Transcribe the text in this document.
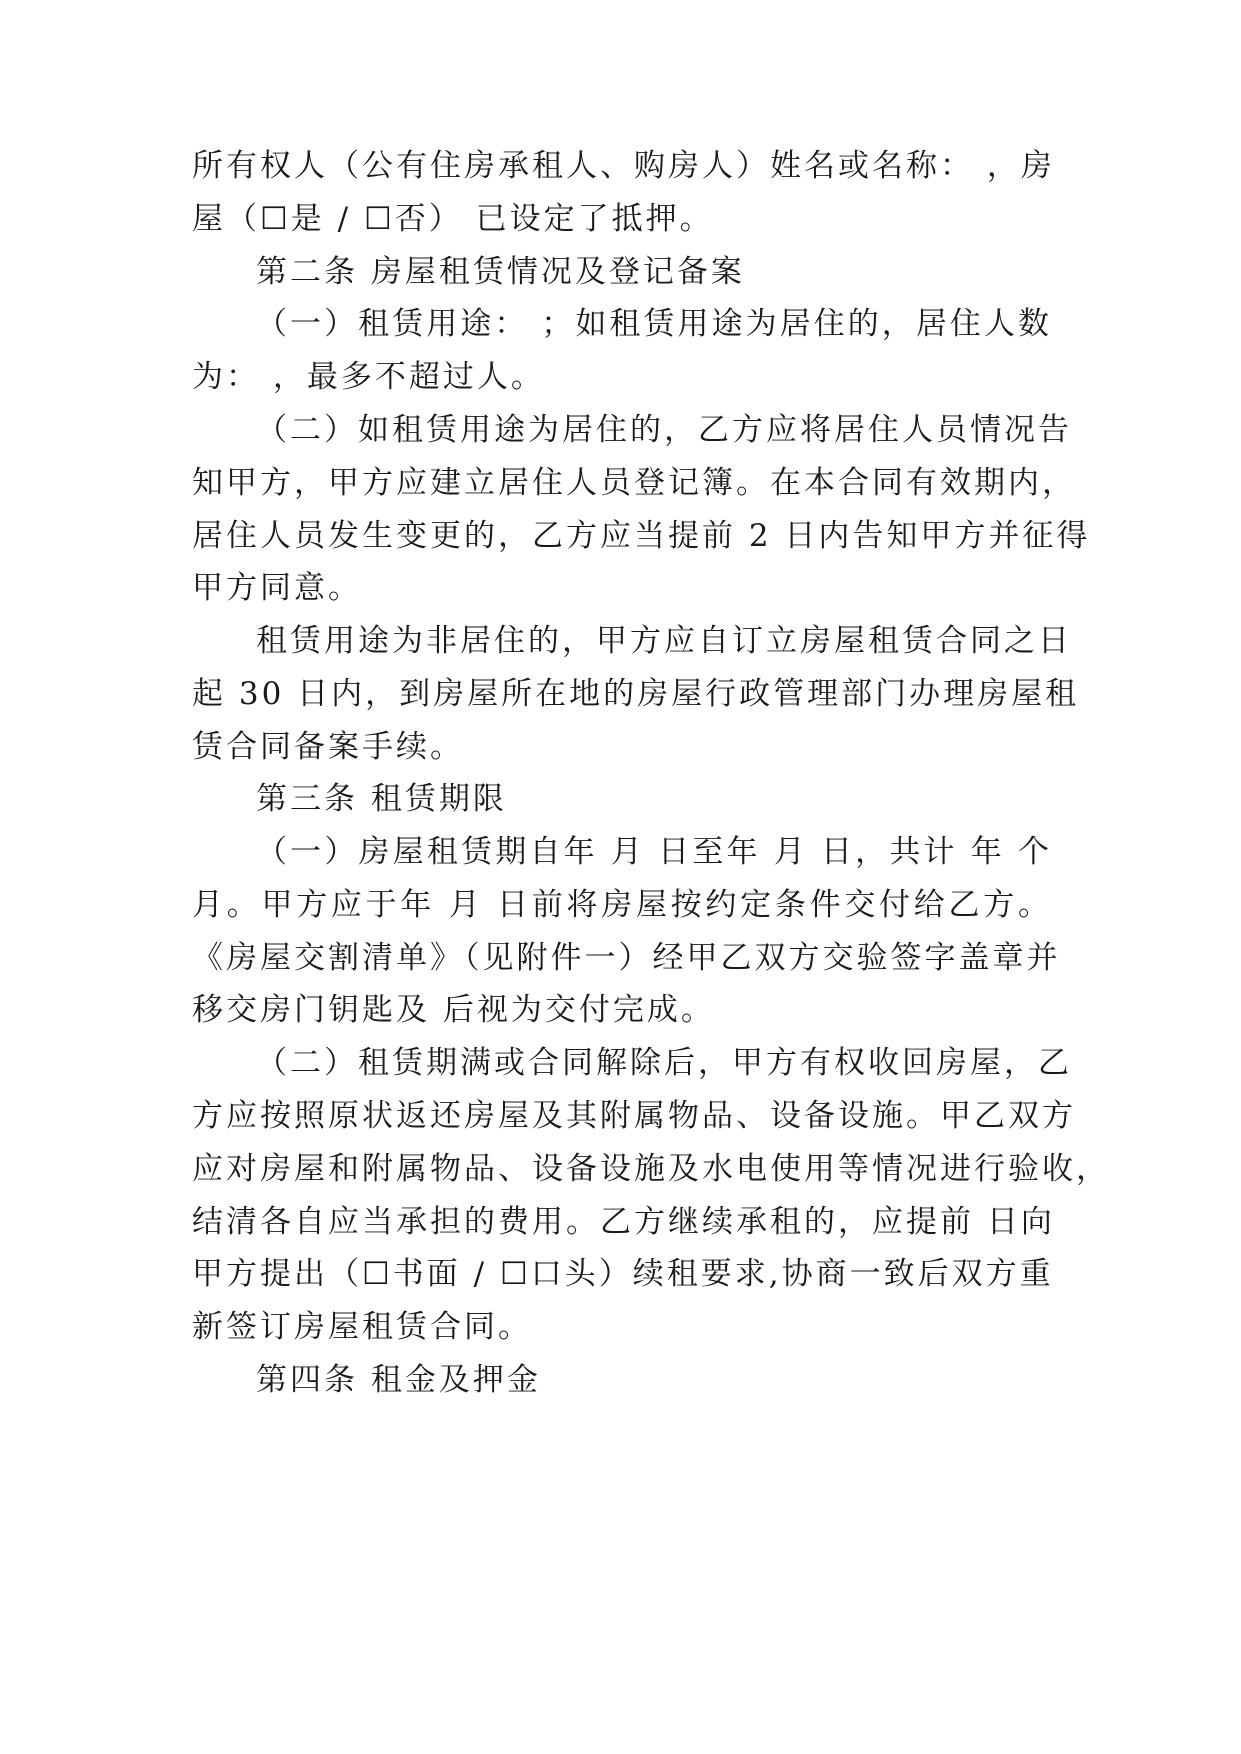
所有权人（公有住房承租人、购房人）姓名或名称： ，房
屋（☐是 / ☐否） 已设定了抵押。
第二条 房屋租赁情况及登记备案
（一）租赁用途： ；如租赁用途为居住的，居住人数
为： ，最多不超过人。
（二）如租赁用途为居住的，乙方应将居住人员情况告
知甲方，甲方应建立居住人员登记簿。在本合同有效期内，
居住人员发生变更的，乙方应当提前 2 日内告知甲方并征得
甲方同意。
租赁用途为非居住的，甲方应自订立房屋租赁合同之日
起 30 日内，到房屋所在地的房屋行政管理部门办理房屋租
赁合同备案手续。
第三条 租赁期限
（一）房屋租赁期自年 月 日至年 月 日，共计 年 个
月。甲方应于年 月 日前将房屋按约定条件交付给乙方。
《房屋交割清单》（见附件一）经甲乙双方交验签字盖章并
移交房门钥匙及 后视为交付完成。
（二）租赁期满或合同解除后，甲方有权收回房屋，乙
方应按照原状返还房屋及其附属物品、设备设施。甲乙双方
应对房屋和附属物品、设备设施及水电使用等情况进行验收，
结清各自应当承担的费用。乙方继续承租的，应提前 日向
甲方提出（☐书面 / ☐口头）续租要求,协商一致后双方重
新签订房屋租赁合同。
第四条 租金及押金
